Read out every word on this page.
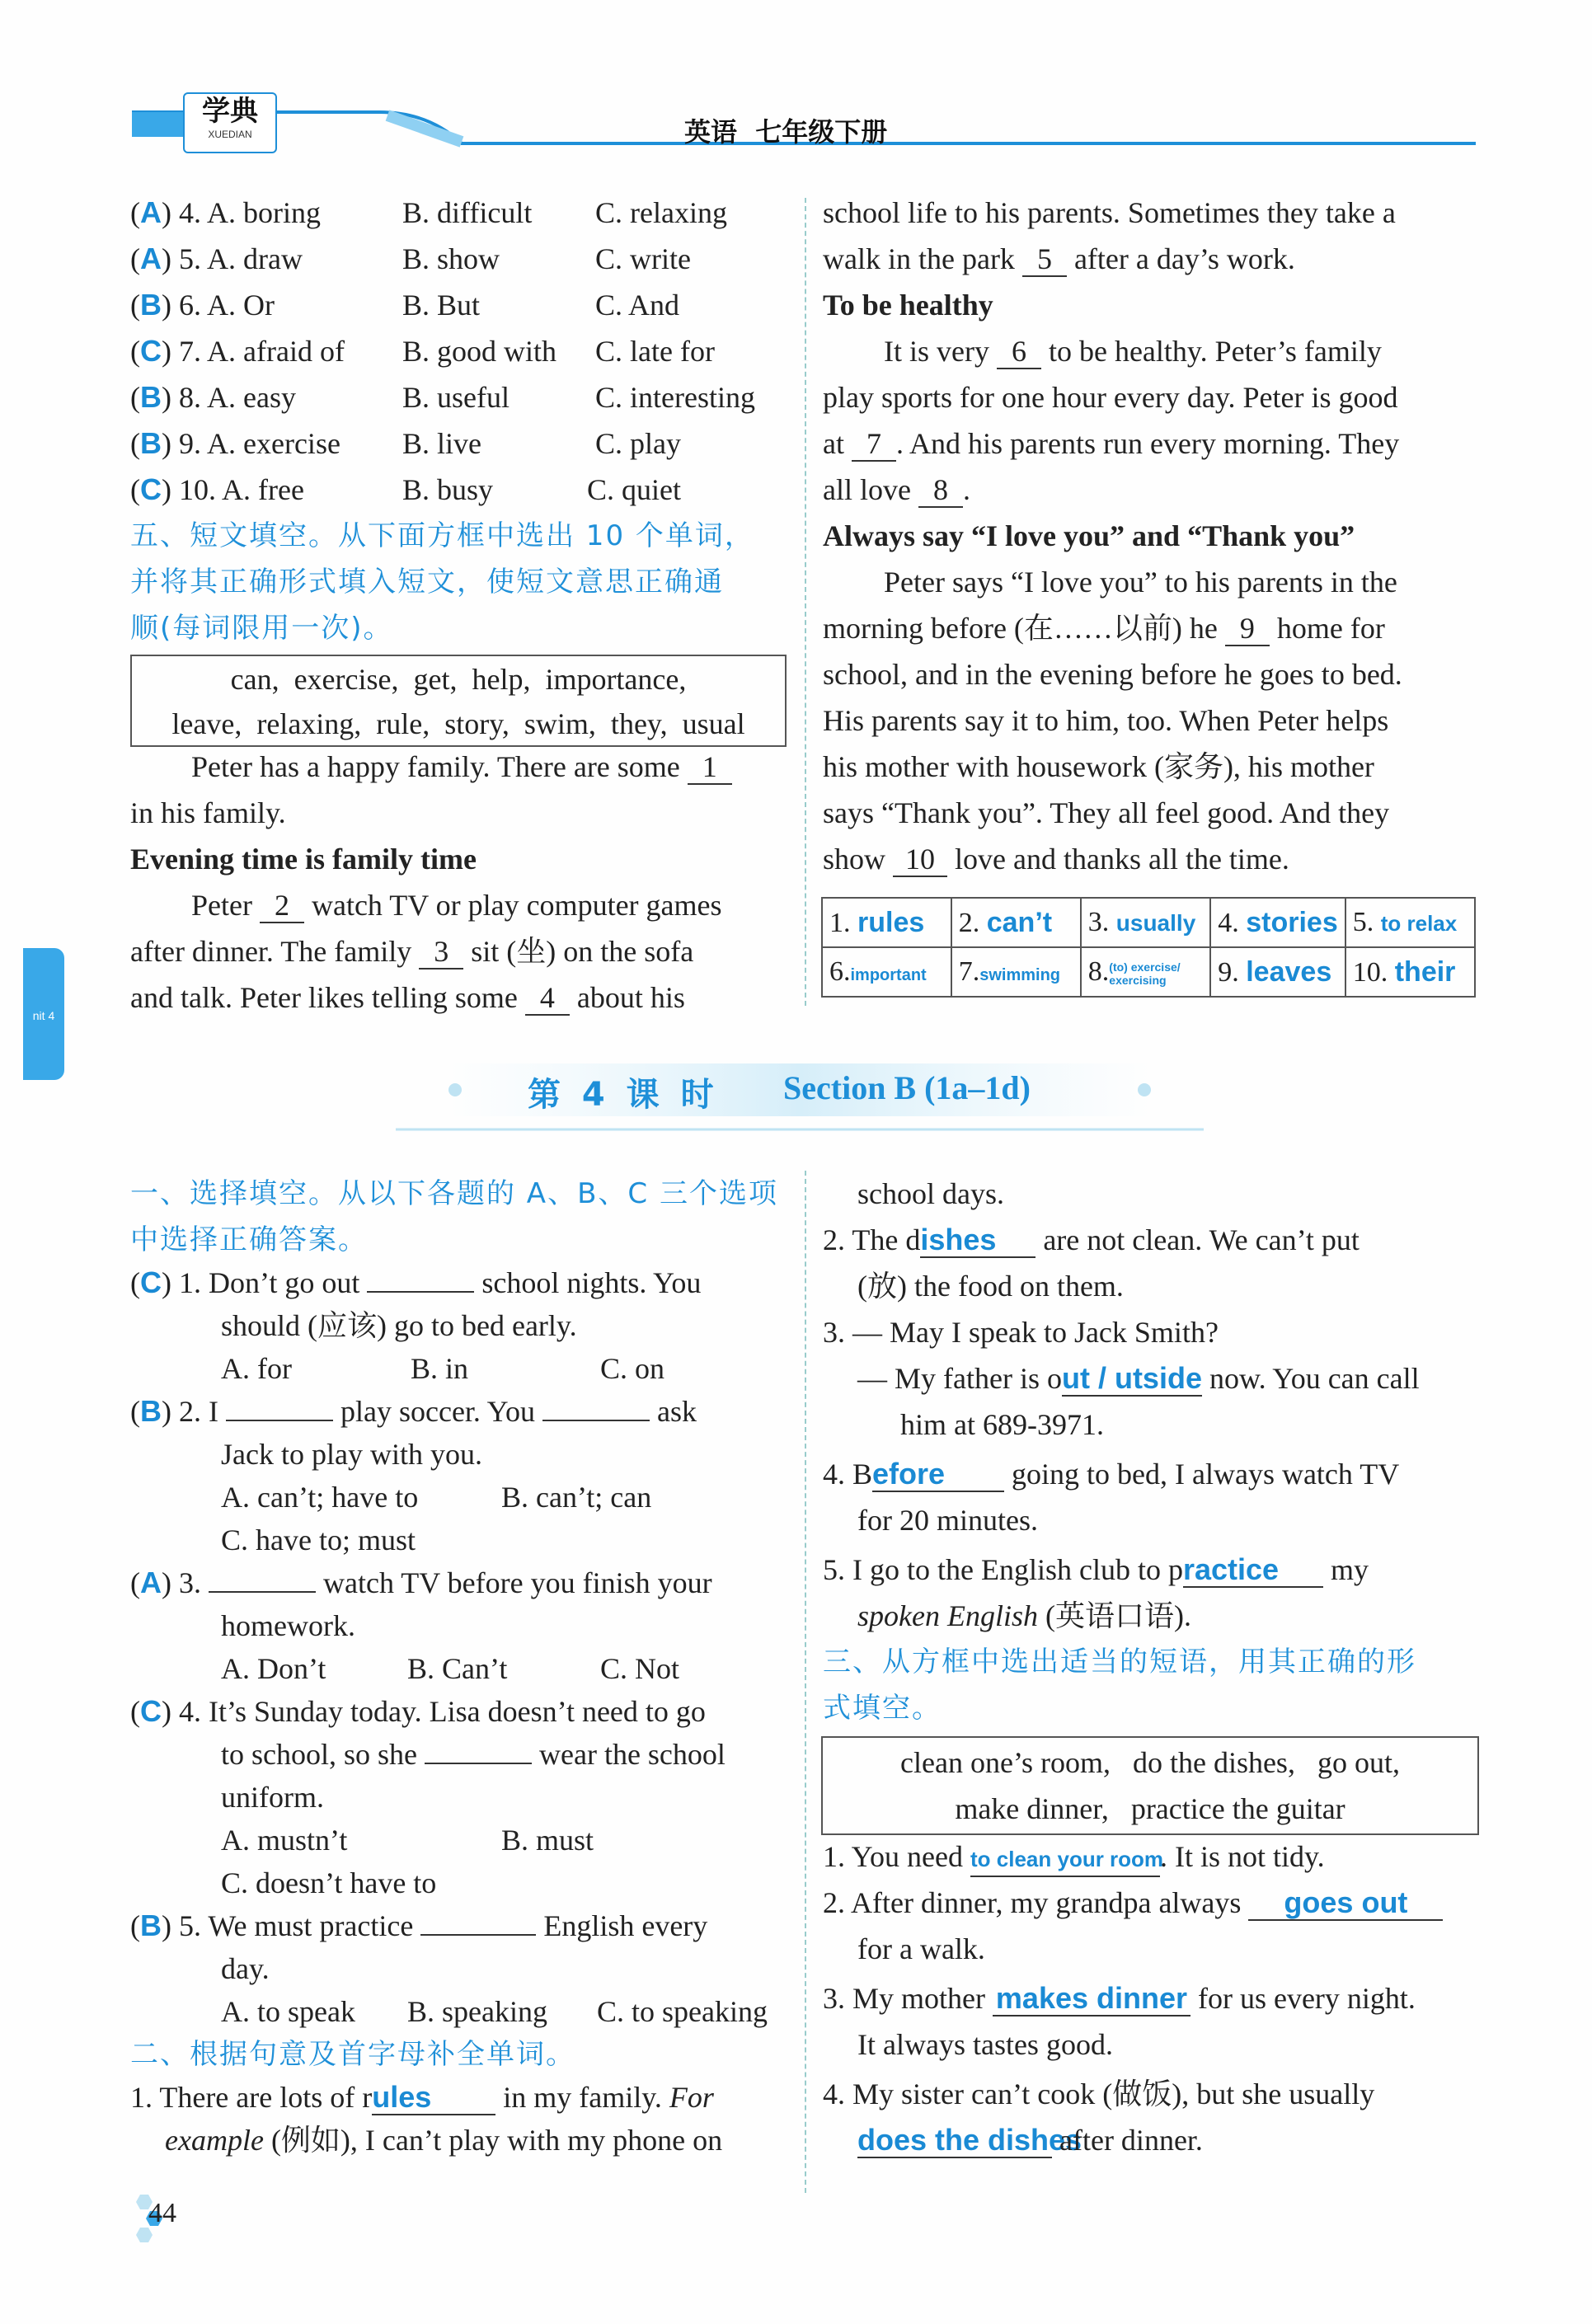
学典
XUEDIAN	英语  七年级下册
nit 4
(A) 4. A. boring	B. difficult C. relaxing
(A) 5. A. draw	B. show	C. write
(B) 6. A. Or	B. But	C. And
(C) 7. A. afraid of B. good with C. late for
(B) 8. A. easy	B. useful	C. interesting
(B) 9. A. exercise B. live	C. play
(C) 10. A. free	B. busy	C. quiet
五、短文填空。从下面方框中选出 10 个单词，
并将其正确形式填入短文，使短文意思正确通
顺(每词限用一次)。
can,  exercise,  get,  help,  importance,
leave,  relaxing,  rule,  story,  swim,  they,  usual
Peter has a happy family. There are some 1
in his family.
Evening time is family time
Peter 2 watch TV or play computer games
after dinner. The family 3 sit (坐) on the sofa
and talk. Peter likes telling some 4 about his
school life to his parents. Sometimes they take a
walk in the park 5 after a day’s work.
To be healthy
It is very 6 to be healthy. Peter’s family
play sports for one hour every day. Peter is good
at 7 . And his parents run every morning. They
all love 8 .
Always say “I love you” and “Thank you”
Peter says “I love you” to his parents in the
morning before (在……以前) he 9 home for
school, and in the evening before he goes to bed.
His parents say it to him, too. When Peter helps
his mother with housework (家务), his mother
says “Thank you”. They all feel good. And they
show 10 love and thanks all the time.
1. rules	2. can’t	3. usually	4. stories	5. to relax
6.important	7.swimming	8.(to) exercise/ exercising	9. leaves	10. their
第 4 课 时 Section B (1a–1d)
一、选择填空。从以下各题的 A、B、C 三个选项
中选择正确答案。
(C) 1. Don’t go out	school nights. You
should (应该) go to bed early.
A. for	B. in	C. on
(B) 2. I	play soccer. You	ask
Jack to play with you.
A. can’t; have to	B. can’t; can
C. have to; must
(A) 3.	watch TV before you finish your
homework.
A. Don’t	B. Can’t	C. Not
(C) 4. It’s Sunday today. Lisa doesn’t need to go
to school, so she	wear the school
uniform.
A. mustn’t	B. must
C. doesn’t have to
(B) 5. We must practice	English every
day.
A. to speak B. speaking C. to speaking
二、根据句意及首字母补全单词。
1. There are lots of rules in my family. For
example (例如), I can’t play with my phone on
school days.
2. The dishes are not clean. We can’t put
(放) the food on them.
3. — May I speak to Jack Smith?
— My father is out / utside now. You can call
him at 689-3971.
4. Before going to bed, I always watch TV
for 20 minutes.
5. I go to the English club to practice my
spoken English (英语口语).
三、从方框中选出适当的短语，用其正确的形
式填空。
clean one’s room,   do the dishes,   go out,
make dinner,   practice the guitar
1. You need to clean your room. It is not tidy.
2. After dinner, my grandpa always goes out
for a walk.
3. My mother makes dinner for us every night.
It always tastes good.
4. My sister can’t cook (做饭), but she usually
does the dishes after dinner.
44
